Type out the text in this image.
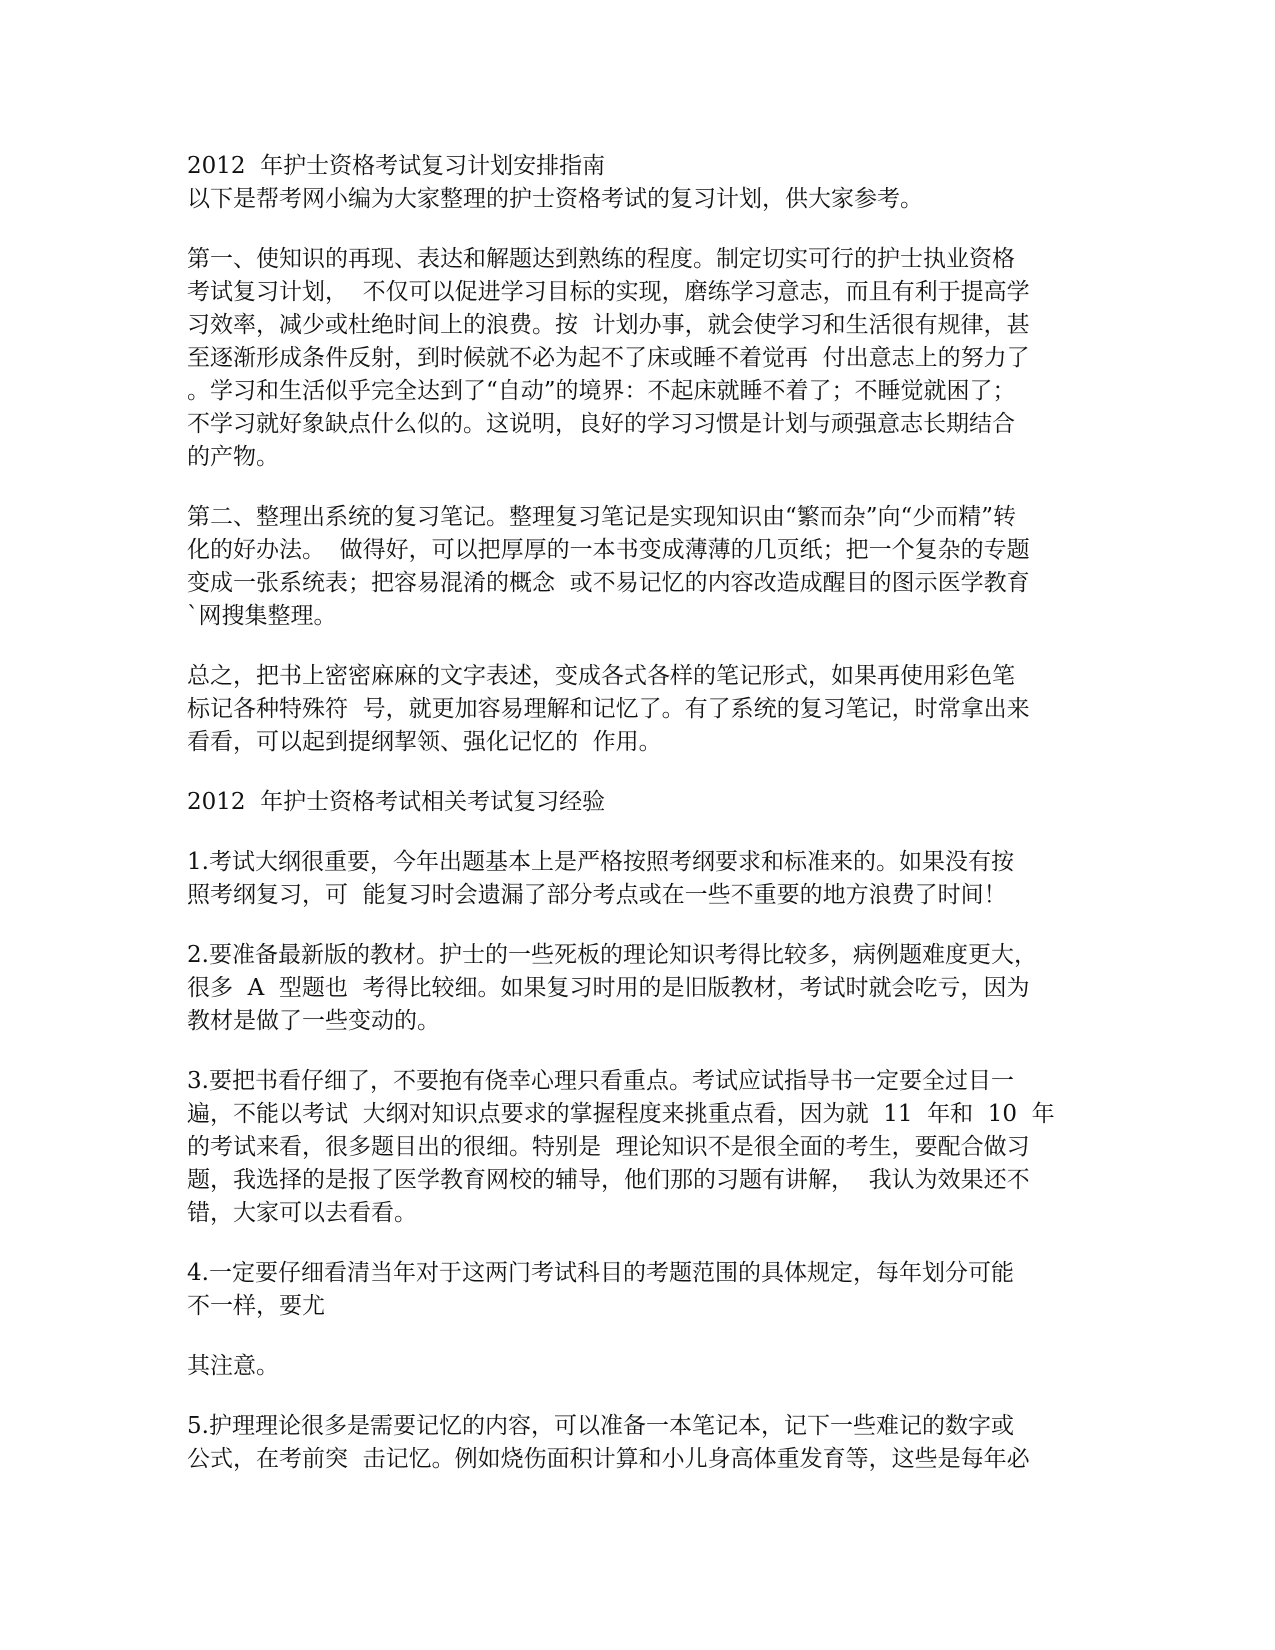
2012  年护士资格考试复习计划安排指南
以下是帮考网小编为大家整理的护士资格考试的复习计划，供大家参考。
第一、使知识的再现、表达和解题达到熟练的程度。制定切实可行的护士执业资格
考试复习计划，  不仅可以促进学习目标的实现，磨练学习意志，而且有利于提高学
习效率，减少或杜绝时间上的浪费。按  计划办事，就会使学习和生活很有规律，甚
至逐渐形成条件反射，到时候就不必为起不了床或睡不着觉再  付出意志上的努力了
。学习和生活似乎完全达到了“自动”的境界：不起床就睡不着了；不睡觉就困了；
不学习就好象缺点什么似的。这说明，良好的学习习惯是计划与顽强意志长期结合
的产物。
第二、整理出系统的复习笔记。整理复习笔记是实现知识由“繁而杂”向“少而精”转
化的好办法。  做得好，可以把厚厚的一本书变成薄薄的几页纸；把一个复杂的专题
变成一张系统表；把容易混淆的概念  或不易记忆的内容改造成醒目的图示医学教育
`网搜集整理。
总之，把书上密密麻麻的文字表述，变成各式各样的笔记形式，如果再使用彩色笔
标记各种特殊符  号，就更加容易理解和记忆了。有了系统的复习笔记，时常拿出来
看看，可以起到提纲挈领、强化记忆的  作用。
2012  年护士资格考试相关考试复习经验
1.考试大纲很重要，今年出题基本上是严格按照考纲要求和标准来的。如果没有按
照考纲复习，可  能复习时会遗漏了部分考点或在一些不重要的地方浪费了时间！
2.要准备最新版的教材。护士的一些死板的理论知识考得比较多，病例题难度更大，
很多  A  型题也  考得比较细。如果复习时用的是旧版教材，考试时就会吃亏，因为
教材是做了一些变动的。
3.要把书看仔细了，不要抱有侥幸心理只看重点。考试应试指导书一定要全过目一
遍，不能以考试  大纲对知识点要求的掌握程度来挑重点看，因为就  11  年和  10  年
的考试来看，很多题目出的很细。特别是  理论知识不是很全面的考生，要配合做习
题，我选择的是报了医学教育网校的辅导，他们那的习题有讲解，  我认为效果还不
错，大家可以去看看。
4.一定要仔细看清当年对于这两门考试科目的考题范围的具体规定，每年划分可能
不一样，要尤
其注意。
5.护理理论很多是需要记忆的内容，可以准备一本笔记本，记下一些难记的数字或
公式，在考前突  击记忆。例如烧伤面积计算和小儿身高体重发育等，这些是每年必
